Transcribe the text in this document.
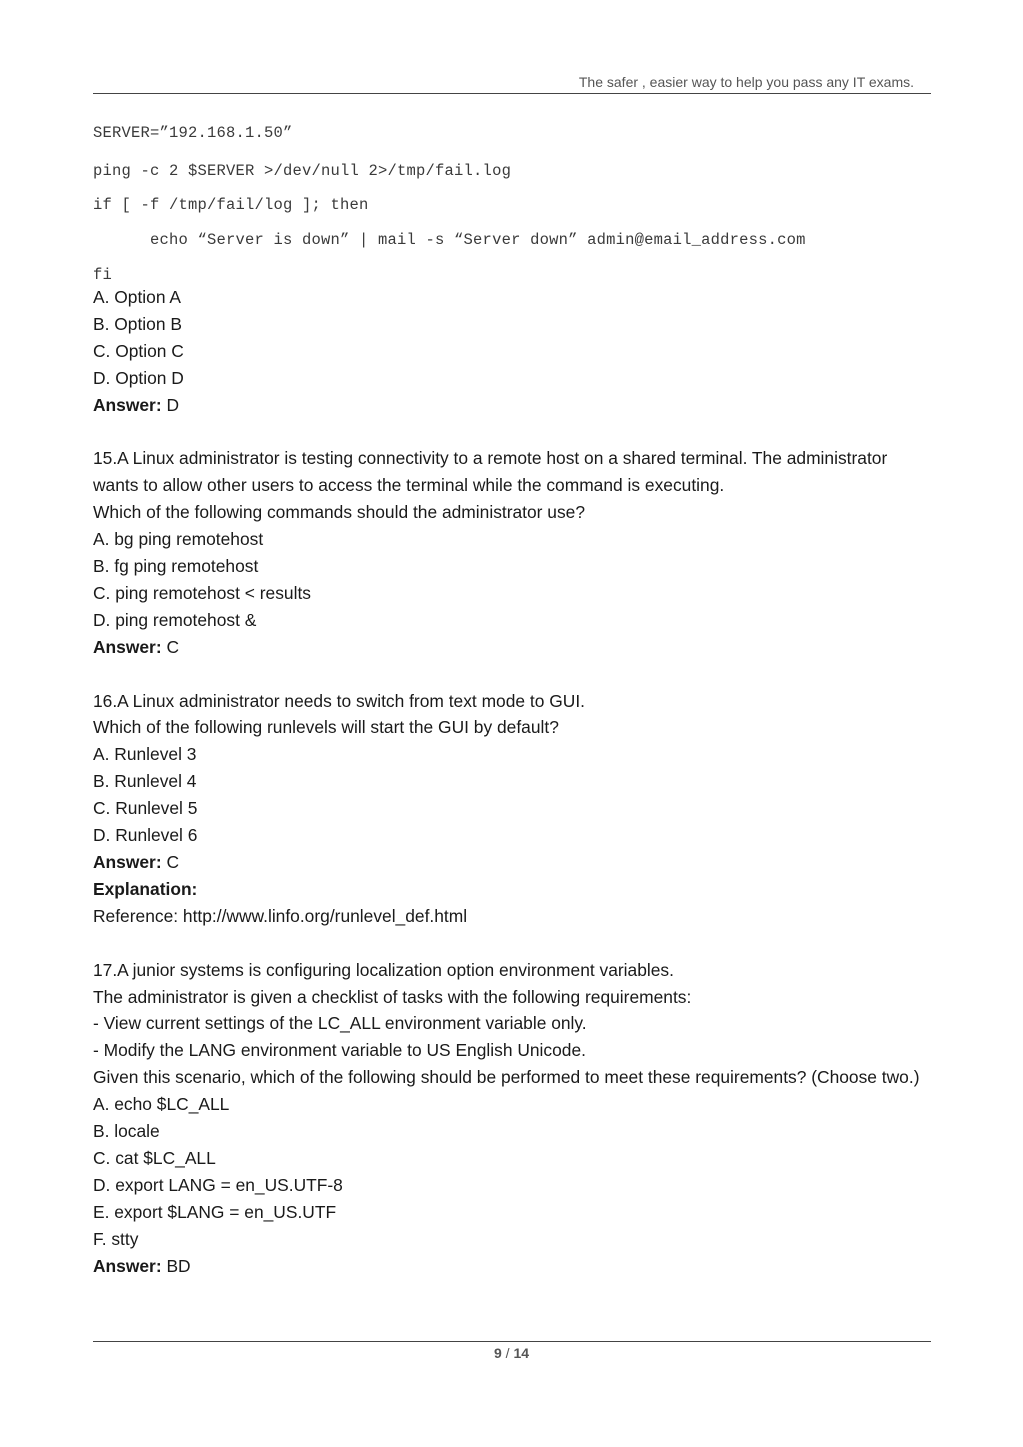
The safer , easier way to help you pass any IT exams.
SERVER=”192.168.1.50”
ping -c 2 $SERVER >/dev/null 2>/tmp/fail.log
if [ -f /tmp/fail/log ]; then
echo “Server is down” | mail -s “Server down” admin@email_address.com
fi

A. Option A

B. Option B

C. Option C

D. Option D

Answer: D

15.A Linux administrator is testing connectivity to a remote host on a shared terminal. The administrator wants to allow other users to access the terminal while the command is executing.

Which of the following commands should the administrator use?

A. bg ping remotehost

B. fg ping remotehost

C. ping remotehost < results

D. ping remotehost &

Answer: C

16.A Linux administrator needs to switch from text mode to GUI.

Which of the following runlevels will start the GUI by default?

A. Runlevel 3

B. Runlevel 4

C. Runlevel 5

D. Runlevel 6

Answer: C

Explanation:

Reference: http://www.linfo.org/runlevel_def.html

17.A junior systems is configuring localization option environment variables.

The administrator is given a checklist of tasks with the following requirements:

- View current settings of the LC_ALL environment variable only.

- Modify the LANG environment variable to US English Unicode.

Given this scenario, which of the following should be performed to meet these requirements? (Choose two.)

A. echo $LC_ALL

B. locale

C. cat $LC_ALL

D. export LANG = en_US.UTF-8

E. export $LANG = en_US.UTF

F. stty

Answer: BD

9 / 14
